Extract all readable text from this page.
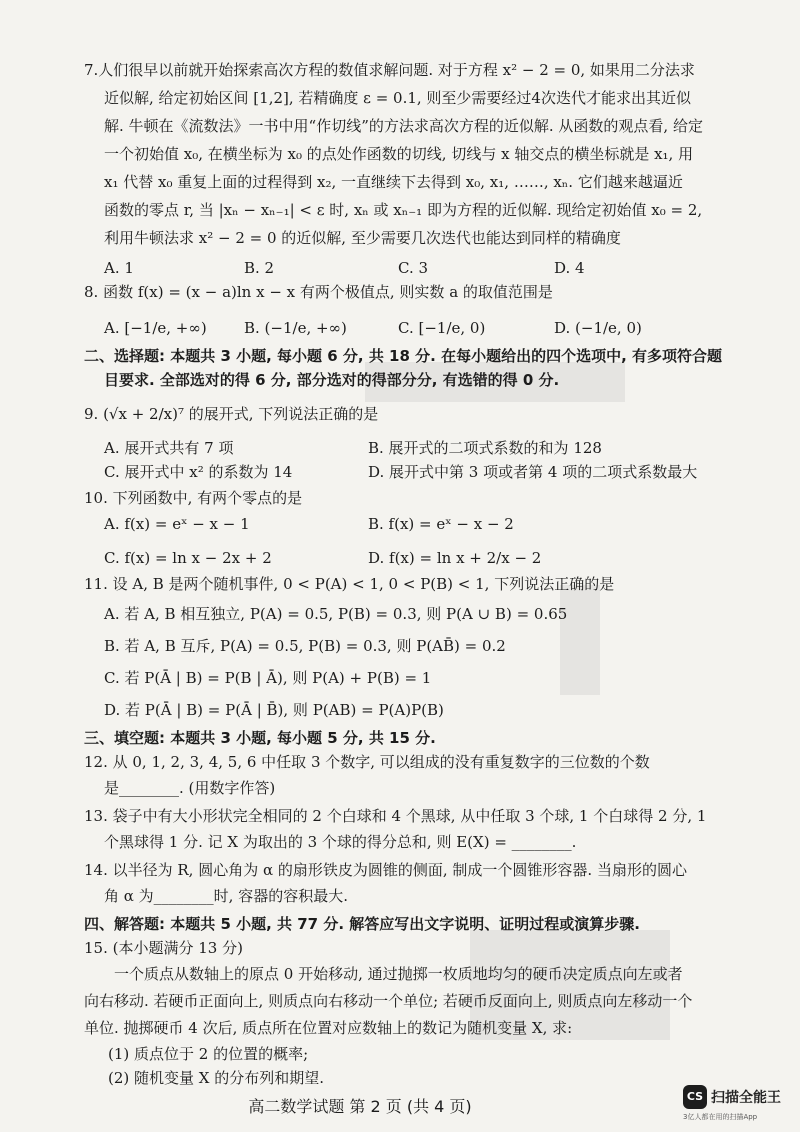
7.人们很早以前就开始探索高次方程的数值求解问题. 对于方程 x² − 2 = 0, 如果用二分法求
近似解, 给定初始区间 [1,2], 若精确度 ε = 0.1, 则至少需要经过4次迭代才能求出其近似
解. 牛顿在《流数法》一书中用“作切线”的方法求高次方程的近似解. 从函数的观点看, 给定
一个初始值 x₀, 在横坐标为 x₀ 的点处作函数的切线, 切线与 x 轴交点的横坐标就是 x₁, 用
x₁ 代替 x₀ 重复上面的过程得到 x₂, 一直继续下去得到 x₀, x₁, ……, xₙ. 它们越来越逼近
函数的零点 r, 当 |xₙ − xₙ₋₁| < ε 时, xₙ 或 xₙ₋₁ 即为方程的近似解. 现给定初始值 x₀ = 2,
利用牛顿法求 x² − 2 = 0 的近似解, 至少需要几次迭代也能达到同样的精确度
A. 1	B. 2	C. 3	D. 4
8. 函数 f(x) = (x − a)ln x − x 有两个极值点, 则实数 a 的取值范围是
A. [−1/e, +∞) B. (−1/e, +∞)	C. [−1/e, 0)	D. (−1/e, 0)
二、选择题: 本题共 3 小题, 每小题 6 分, 共 18 分. 在每小题给出的四个选项中, 有多项符合题
目要求. 全部选对的得 6 分, 部分选对的得部分分, 有选错的得 0 分.
9. (√x + 2/x)⁷ 的展开式, 下列说法正确的是
A. 展开式共有 7 项	B. 展开式的二项式系数的和为 128
C. 展开式中 x² 的系数为 14	D. 展开式中第 3 项或者第 4 项的二项式系数最大
10. 下列函数中, 有两个零点的是
A. f(x) = eˣ − x − 1	B. f(x) = eˣ − x − 2
C. f(x) = ln x − 2x + 2	D. f(x) = ln x + 2/x − 2
11. 设 A, B 是两个随机事件, 0 < P(A) < 1, 0 < P(B) < 1, 下列说法正确的是
A. 若 A, B 相互独立, P(A) = 0.5, P(B) = 0.3, 则 P(A ∪ B) = 0.65
B. 若 A, B 互斥, P(A) = 0.5, P(B) = 0.3, 则 P(AB̄) = 0.2
C. 若 P(Ā | B) = P(B | Ā), 则 P(A) + P(B) = 1
D. 若 P(Ā | B) = P(Ā | B̄), 则 P(AB) = P(A)P(B)
三、填空题: 本题共 3 小题, 每小题 5 分, 共 15 分.
12. 从 0, 1, 2, 3, 4, 5, 6 中任取 3 个数字, 可以组成的没有重复数字的三位数的个数
是________. (用数字作答)
13. 袋子中有大小形状完全相同的 2 个白球和 4 个黑球, 从中任取 3 个球, 1 个白球得 2 分, 1
个黑球得 1 分. 记 X 为取出的 3 个球的得分总和, 则 E(X) = ________.
14. 以半径为 R, 圆心角为 α 的扇形铁皮为圆锥的侧面, 制成一个圆锥形容器. 当扇形的圆心
角 α 为________时, 容器的容积最大.
四、解答题: 本题共 5 小题, 共 77 分. 解答应写出文字说明、证明过程或演算步骤.
15. (本小题满分 13 分)
一个质点从数轴上的原点 0 开始移动, 通过抛掷一枚质地均匀的硬币决定质点向左或者
向右移动. 若硬币正面向上, 则质点向右移动一个单位; 若硬币反面向上, 则质点向左移动一个
高二数学试题 第 2 页 (共 4 页)
CS 扫描全能王
3亿人都在用的扫描App
(1) 质点位于 2 的位置的概率;
(2) 随机变量 X 的分布列和期望.
单位. 抛掷硬币 4 次后, 质点所在位置对应数轴上的数记为随机变量 X, 求:
